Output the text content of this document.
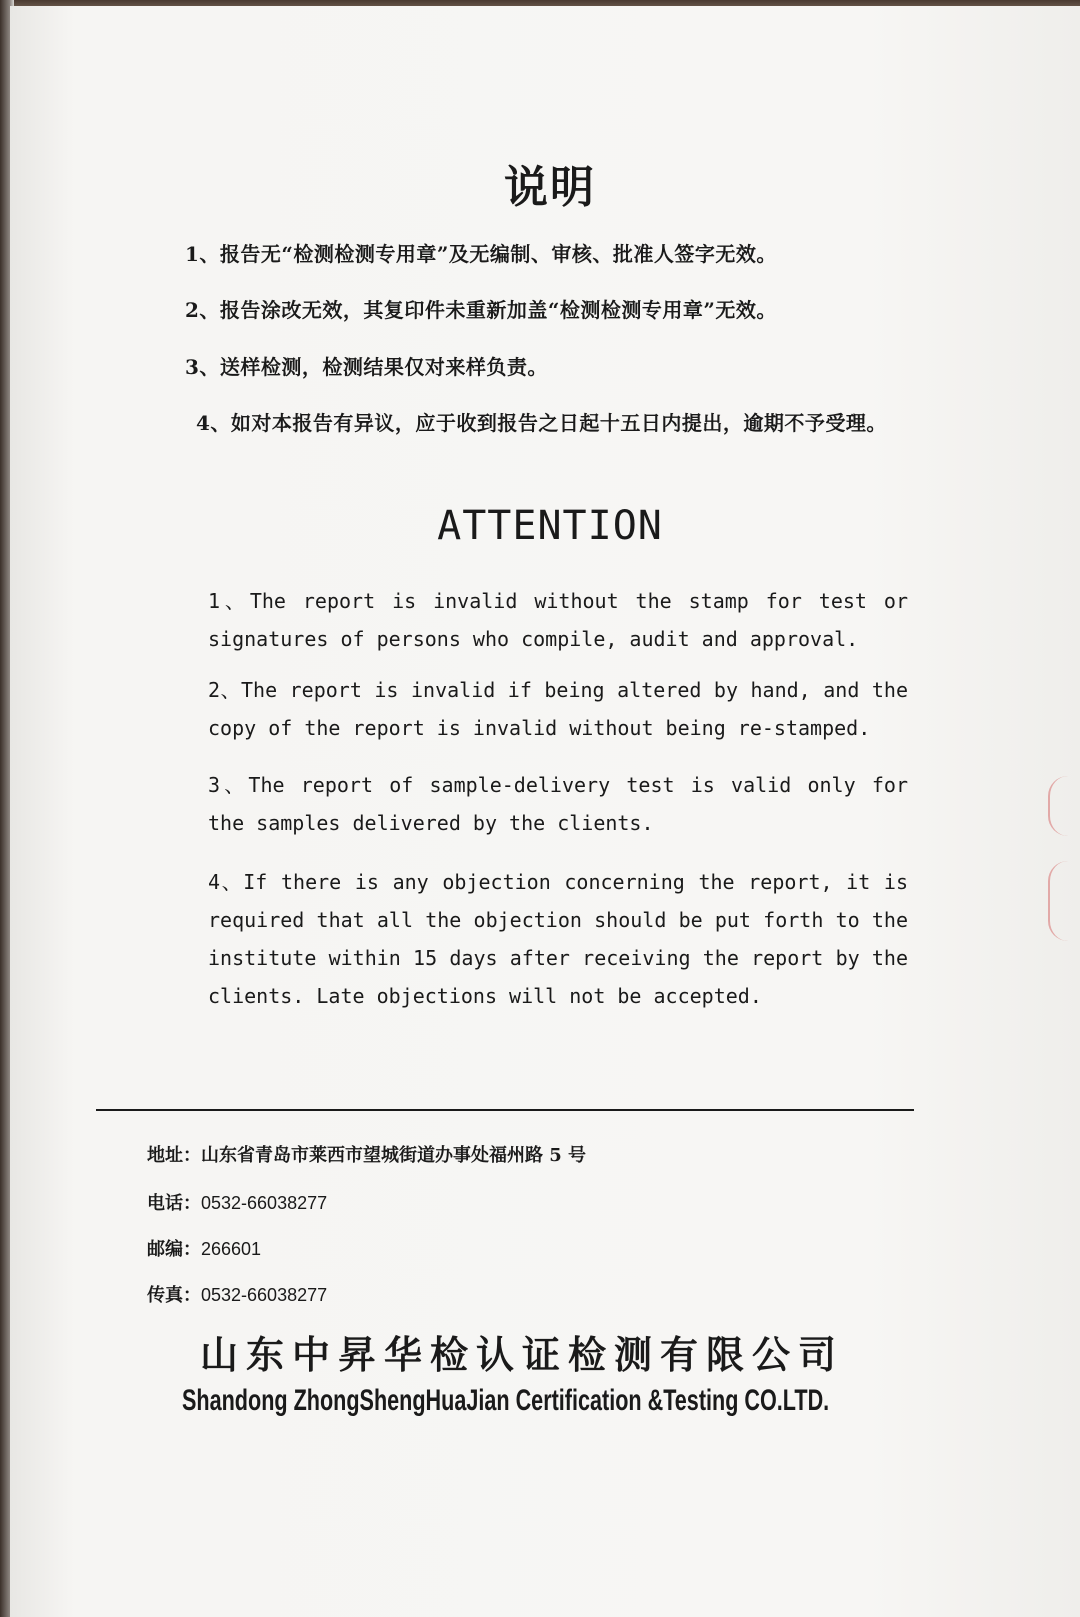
说明
1、报告无“检测检测专用章”及无编制、审核、批准人签字无效。
2、报告涂改无效，其复印件未重新加盖“检测检测专用章”无效。
3、送样检测，检测结果仅对来样负责。
4、如对本报告有异议，应于收到报告之日起十五日内提出，逾期不予受理。
ATTENTION
1、The report is invalid without the stamp for test or signatures of persons who compile, audit and approval.
2、The report is invalid if being altered by hand, and the copy of the report is invalid without being re-stamped.
3、The report of sample-delivery test is valid only for the samples delivered by the clients.
4、If there is any objection concerning the report, it is required that all the objection should be put forth to the institute within 15 days after receiving the report by the clients. Late objections will not be accepted.
地址：山东省青岛市莱西市望城街道办事处福州路 5 号
电话：0532-66038277
邮编：266601
传真：0532-66038277
山东中昇华检认证检测有限公司
Shandong ZhongShengHuaJian Certification &Testing CO.LTD.
